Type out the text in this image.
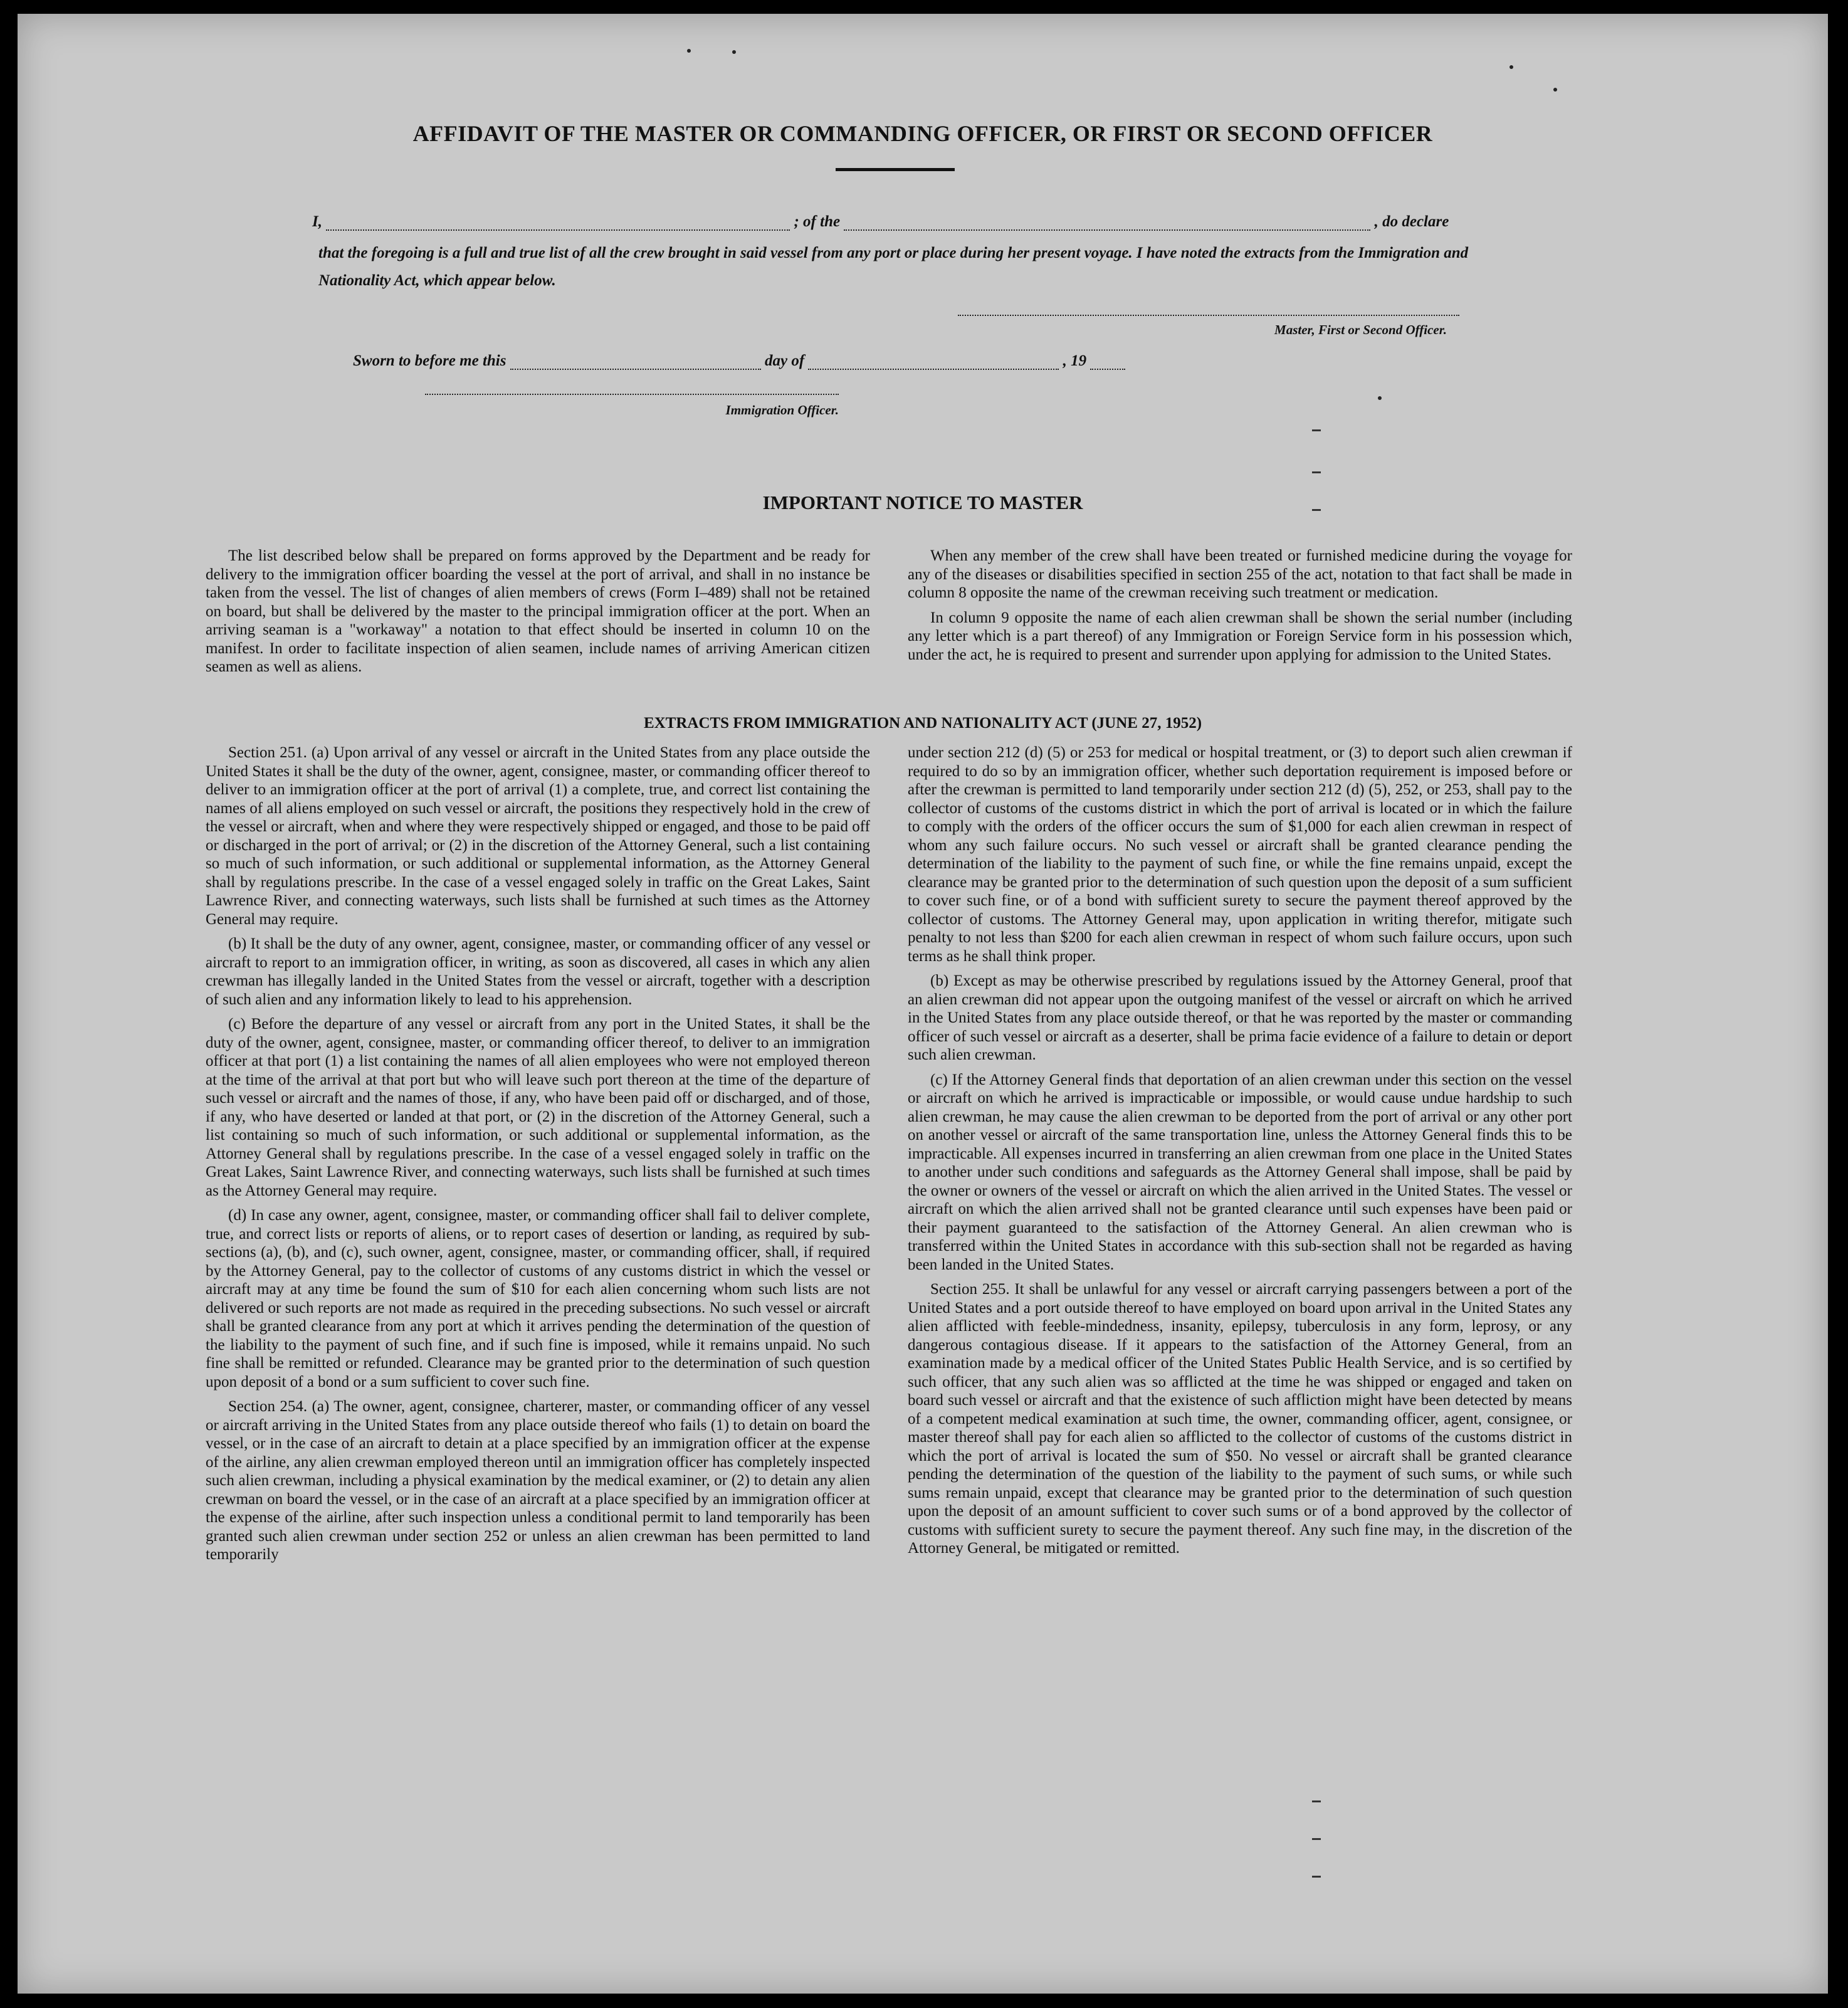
AFFIDAVIT OF THE MASTER OR COMMANDING OFFICER, OR FIRST OR SECOND OFFICER
I,	; of the	, do declare
that the foregoing is a full and true list of all the crew brought in said vessel from any port or place during her present voyage. I have noted the extracts from the Immigration and Nationality Act, which appear below.
Master, First or Second Officer.
Sworn to before me this	day of	, 19
Immigration Officer.
IMPORTANT NOTICE TO MASTER

The list described below shall be prepared on forms approved by the Department and be ready for delivery to the immigration officer boarding the vessel at the port of arrival, and shall in no instance be taken from the vessel. The list of changes of alien members of crews (Form I–489) shall not be retained on board, but shall be delivered by the master to the principal immigration officer at the port. When an arriving seaman is a "workaway" a notation to that effect should be inserted in column 10 on the manifest. In order to facilitate inspection of alien seamen, include names of arriving American citizen seamen as well as aliens.

When any member of the crew shall have been treated or furnished medicine during the voyage for any of the diseases or disabilities specified in section 255 of the act, notation to that fact shall be made in column 8 opposite the name of the crewman receiving such treatment or medication.

In column 9 opposite the name of each alien crewman shall be shown the serial number (including any letter which is a part thereof) of any Immigration or Foreign Service form in his possession which, under the act, he is required to present and surrender upon applying for admission to the United States.

EXTRACTS FROM IMMIGRATION AND NATIONALITY ACT (JUNE 27, 1952)

Section 251. (a) Upon arrival of any vessel or aircraft in the United States from any place outside the United States it shall be the duty of the owner, agent, consignee, master, or commanding officer thereof to deliver to an immigration officer at the port of arrival (1) a complete, true, and correct list containing the names of all aliens employed on such vessel or aircraft, the positions they respectively hold in the crew of the vessel or aircraft, when and where they were respectively shipped or engaged, and those to be paid off or discharged in the port of arrival; or (2) in the discretion of the Attorney General, such a list containing so much of such information, or such additional or supplemental information, as the Attorney General shall by regulations prescribe. In the case of a vessel engaged solely in traffic on the Great Lakes, Saint Lawrence River, and connecting waterways, such lists shall be furnished at such times as the Attorney General may require.

(b) It shall be the duty of any owner, agent, consignee, master, or commanding officer of any vessel or aircraft to report to an immigration officer, in writing, as soon as discovered, all cases in which any alien crewman has illegally landed in the United States from the vessel or aircraft, together with a description of such alien and any information likely to lead to his apprehension.

(c) Before the departure of any vessel or aircraft from any port in the United States, it shall be the duty of the owner, agent, consignee, master, or commanding officer thereof, to deliver to an immigration officer at that port (1) a list containing the names of all alien employees who were not employed thereon at the time of the arrival at that port but who will leave such port thereon at the time of the departure of such vessel or aircraft and the names of those, if any, who have been paid off or discharged, and of those, if any, who have deserted or landed at that port, or (2) in the discretion of the Attorney General, such a list containing so much of such information, or such additional or supplemental information, as the Attorney General shall by regulations prescribe. In the case of a vessel engaged solely in traffic on the Great Lakes, Saint Lawrence River, and connecting waterways, such lists shall be furnished at such times as the Attorney General may require.

(d) In case any owner, agent, consignee, master, or commanding officer shall fail to deliver complete, true, and correct lists or reports of aliens, or to report cases of desertion or landing, as required by sub-sections (a), (b), and (c), such owner, agent, consignee, master, or commanding officer, shall, if required by the Attorney General, pay to the collector of customs of any customs district in which the vessel or aircraft may at any time be found the sum of $10 for each alien concerning whom such lists are not delivered or such reports are not made as required in the preceding subsections. No such vessel or aircraft shall be granted clearance from any port at which it arrives pending the determination of the question of the liability to the payment of such fine, and if such fine is imposed, while it remains unpaid. No such fine shall be remitted or refunded. Clearance may be granted prior to the determination of such question upon deposit of a bond or a sum sufficient to cover such fine.

Section 254. (a) The owner, agent, consignee, charterer, master, or commanding officer of any vessel or aircraft arriving in the United States from any place outside thereof who fails (1) to detain on board the vessel, or in the case of an aircraft to detain at a place specified by an immigration officer at the expense of the airline, any alien crewman employed thereon until an immigration officer has completely inspected such alien crewman, including a physical examination by the medical examiner, or (2) to detain any alien crewman on board the vessel, or in the case of an aircraft at a place specified by an immigration officer at the expense of the airline, after such inspection unless a conditional permit to land temporarily has been granted such alien crewman under section 252 or unless an alien crewman has been permitted to land temporarily

under section 212 (d) (5) or 253 for medical or hospital treatment, or (3) to deport such alien crewman if required to do so by an immigration officer, whether such deportation requirement is imposed before or after the crewman is permitted to land temporarily under section 212 (d) (5), 252, or 253, shall pay to the collector of customs of the customs district in which the port of arrival is located or in which the failure to comply with the orders of the officer occurs the sum of $1,000 for each alien crewman in respect of whom any such failure occurs. No such vessel or aircraft shall be granted clearance pending the determination of the liability to the payment of such fine, or while the fine remains unpaid, except the clearance may be granted prior to the determination of such question upon the deposit of a sum sufficient to cover such fine, or of a bond with sufficient surety to secure the payment thereof approved by the collector of customs. The Attorney General may, upon application in writing therefor, mitigate such penalty to not less than $200 for each alien crewman in respect of whom such failure occurs, upon such terms as he shall think proper.

(b) Except as may be otherwise prescribed by regulations issued by the Attorney General, proof that an alien crewman did not appear upon the outgoing manifest of the vessel or aircraft on which he arrived in the United States from any place outside thereof, or that he was reported by the master or commanding officer of such vessel or aircraft as a deserter, shall be prima facie evidence of a failure to detain or deport such alien crewman.

(c) If the Attorney General finds that deportation of an alien crewman under this section on the vessel or aircraft on which he arrived is impracticable or impossible, or would cause undue hardship to such alien crewman, he may cause the alien crewman to be deported from the port of arrival or any other port on another vessel or aircraft of the same transportation line, unless the Attorney General finds this to be impracticable. All expenses incurred in transferring an alien crewman from one place in the United States to another under such conditions and safeguards as the Attorney General shall impose, shall be paid by the owner or owners of the vessel or aircraft on which the alien arrived in the United States. The vessel or aircraft on which the alien arrived shall not be granted clearance until such expenses have been paid or their payment guaranteed to the satisfaction of the Attorney General. An alien crewman who is transferred within the United States in accordance with this sub-section shall not be regarded as having been landed in the United States.

Section 255. It shall be unlawful for any vessel or aircraft carrying passengers between a port of the United States and a port outside thereof to have employed on board upon arrival in the United States any alien afflicted with feeble-mindedness, insanity, epilepsy, tuberculosis in any form, leprosy, or any dangerous contagious disease. If it appears to the satisfaction of the Attorney General, from an examination made by a medical officer of the United States Public Health Service, and is so certified by such officer, that any such alien was so afflicted at the time he was shipped or engaged and taken on board such vessel or aircraft and that the existence of such affliction might have been detected by means of a competent medical examination at such time, the owner, commanding officer, agent, consignee, or master thereof shall pay for each alien so afflicted to the collector of customs of the customs district in which the port of arrival is located the sum of $50. No vessel or aircraft shall be granted clearance pending the determination of the question of the liability to the payment of such sums, or while such sums remain unpaid, except that clearance may be granted prior to the determination of such question upon the deposit of an amount sufficient to cover such sums or of a bond approved by the collector of customs with sufficient surety to secure the payment thereof. Any such fine may, in the discretion of the Attorney General, be mitigated or remitted.
